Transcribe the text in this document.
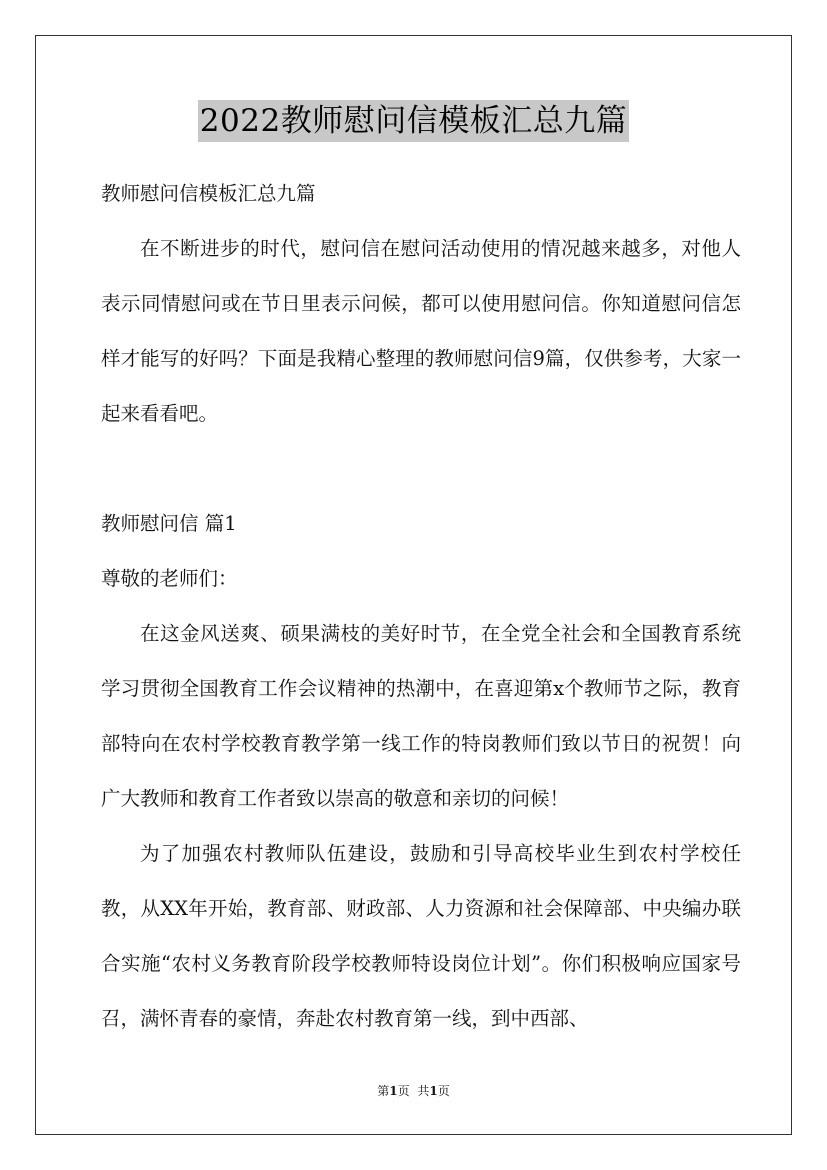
2022教师慰问信模板汇总九篇

教师慰问信模板汇总九篇

在不断进步的时代，慰问信在慰问活动使用的情况越来越多，对他人表示同情慰问或在节日里表示问候，都可以使用慰问信。你知道慰问信怎样才能写的好吗？下面是我精心整理的教师慰问信9篇，仅供参考，大家一起来看看吧。

教师慰问信 篇1

尊敬的老师们：

在这金风送爽、硕果满枝的美好时节，在全党全社会和全国教育系统学习贯彻全国教育工作会议精神的热潮中，在喜迎第x个教师节之际，教育部特向在农村学校教育教学第一线工作的特岗教师们致以节日的祝贺！向广大教师和教育工作者致以崇高的敬意和亲切的问候！

为了加强农村教师队伍建设，鼓励和引导高校毕业生到农村学校任教，从XX年开始，教育部、财政部、人力资源和社会保障部、中央编办联合实施“农村义务教育阶段学校教师特设岗位计划”。你们积极响应国家号召，满怀青春的豪情，奔赴农村教育第一线，到中西部、

第1页 共1页
